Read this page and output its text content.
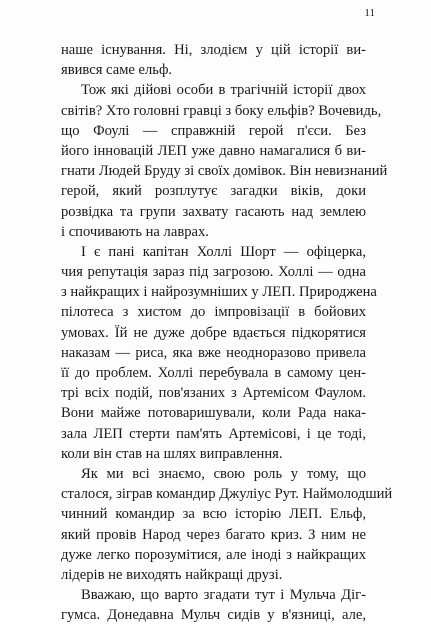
11
наше існування. Ні, злодієм у цій історії ви-
явився саме ельф.
Тож які дійові особи в трагічній історії двох
світів? Хто головні гравці з боку ельфів? Вочевидь,
що Фоулі — справжній герой п'єси. Без
його інновацій ЛЕП уже давно намагалися б ви-
гнати Людей Бруду зі своїх домівок. Він невизнаний
герой, який розплутує загадки віків, доки
розвідка та групи захвату гасають над землею
і спочивають на лаврах.
І є пані капітан Холлі Шорт — офіцерка,
чия репутація зараз під загрозою. Холлі — одна
з найкращих і найрозумніших у ЛЕП. Природжена
пілотеса з хистом до імпровізації в бойових
умовах. Їй не дуже добре вдається підкорятися
наказам — риса, яка вже неодноразово привела
її до проблем. Холлі перебувала в самому цен-
трі всіх подій, пов'язаних з Артемісом Фаулом.
Вони майже потоваришували, коли Рада нака-
зала ЛЕП стерти пам'ять Артемісові, і це тоді,
коли він став на шлях виправлення.
Як ми всі знаємо, свою роль у тому, що
сталося, зіграв командир Джуліус Рут. Наймолодший
чинний командир за всю історію ЛЕП. Ельф,
який провів Народ через багато криз. З ним не
дуже легко порозумітися, але іноді з найкращих
лідерів не виходять найкращі друзі.
Вважаю, що варто згадати тут і Мульча Діг-
гумса. Донедавна Мульч сидів у в'язниці, але,
